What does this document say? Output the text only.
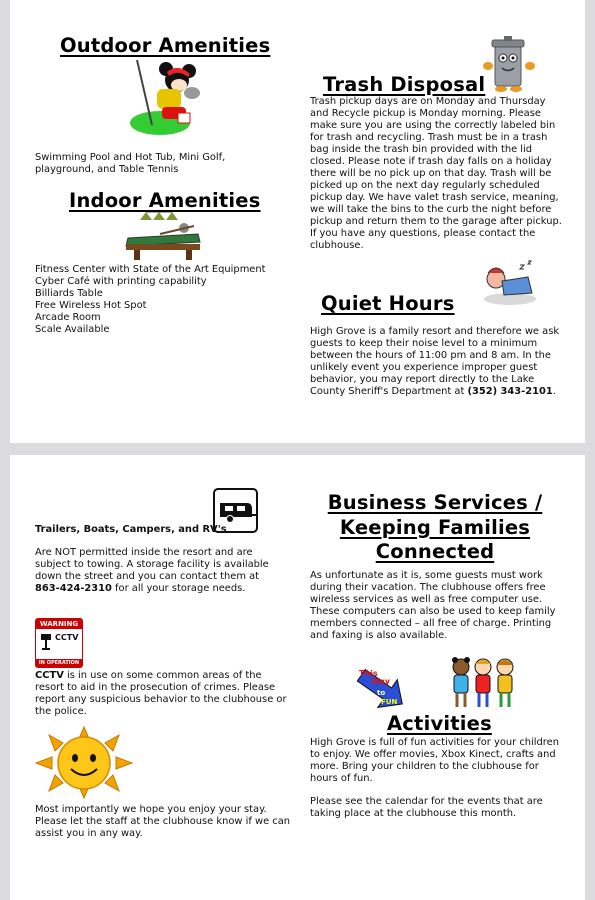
Outdoor Amenities
Swimming Pool and Hot Tub, Mini Golf,
playground, and Table Tennis
Indoor Amenities
Fitness Center with State of the Art Equipment
Cyber Café with printing capability
Billiards Table
Free Wireless Hot Spot
Arcade Room
Scale Available
Trash Disposal
Trash pickup days are on Monday and Thursday
and Recycle pickup is Monday morning. Please
make sure you are using the correctly labeled bin
for trash and recycling. Trash must be in a trash
bag inside the trash bin provided with the lid
closed. Please note if trash day falls on a holiday
there will be no pick up on that day. Trash will be
picked up on the next day regularly scheduled
pickup day. We have valet trash service, meaning,
we will take the bins to the curb the night before
pickup and return them to the garage after pickup.
If you have any questions, please contact the
clubhouse.
Quiet Hours
High Grove is a family resort and therefore we ask
guests to keep their noise level to a minimum
between the hours of 11:00 pm and 8 am. In the
unlikely event you experience improper guest
behavior, you may report directly to the Lake
County Sheriff's Department at (352) 343-2101.
Trailers, Boats, Campers, and RV's
Are NOT permitted inside the resort and are
subject to towing. A storage facility is available
down the street and you can contact them at
863-424-2310 for all your storage needs.
WARNING
CCTV
IN OPERATION
CCTV is in use on some common areas of the
resort to aid in the prosecution of crimes. Please
report any suspicious behavior to the clubhouse or
the police.
Most importantly we hope you enjoy your stay.
Please let the staff at the clubhouse know if we can
assist you in any way.
Business Services /
Keeping Families
Connected
As unfortunate as it is, some guests must work
during their vacation. The clubhouse offers free
wireless services as well as free computer use.
These computers can also be used to keep family
members connected – all free of charge. Printing
and faxing is also available.
This
Way
to
FUN
Activities
High Grove is full of fun activities for your children
to enjoy. We offer movies, Xbox Kinect, crafts and
more. Bring your children to the clubhouse for
hours of fun.
Please see the calendar for the events that are
taking place at the clubhouse this month.
